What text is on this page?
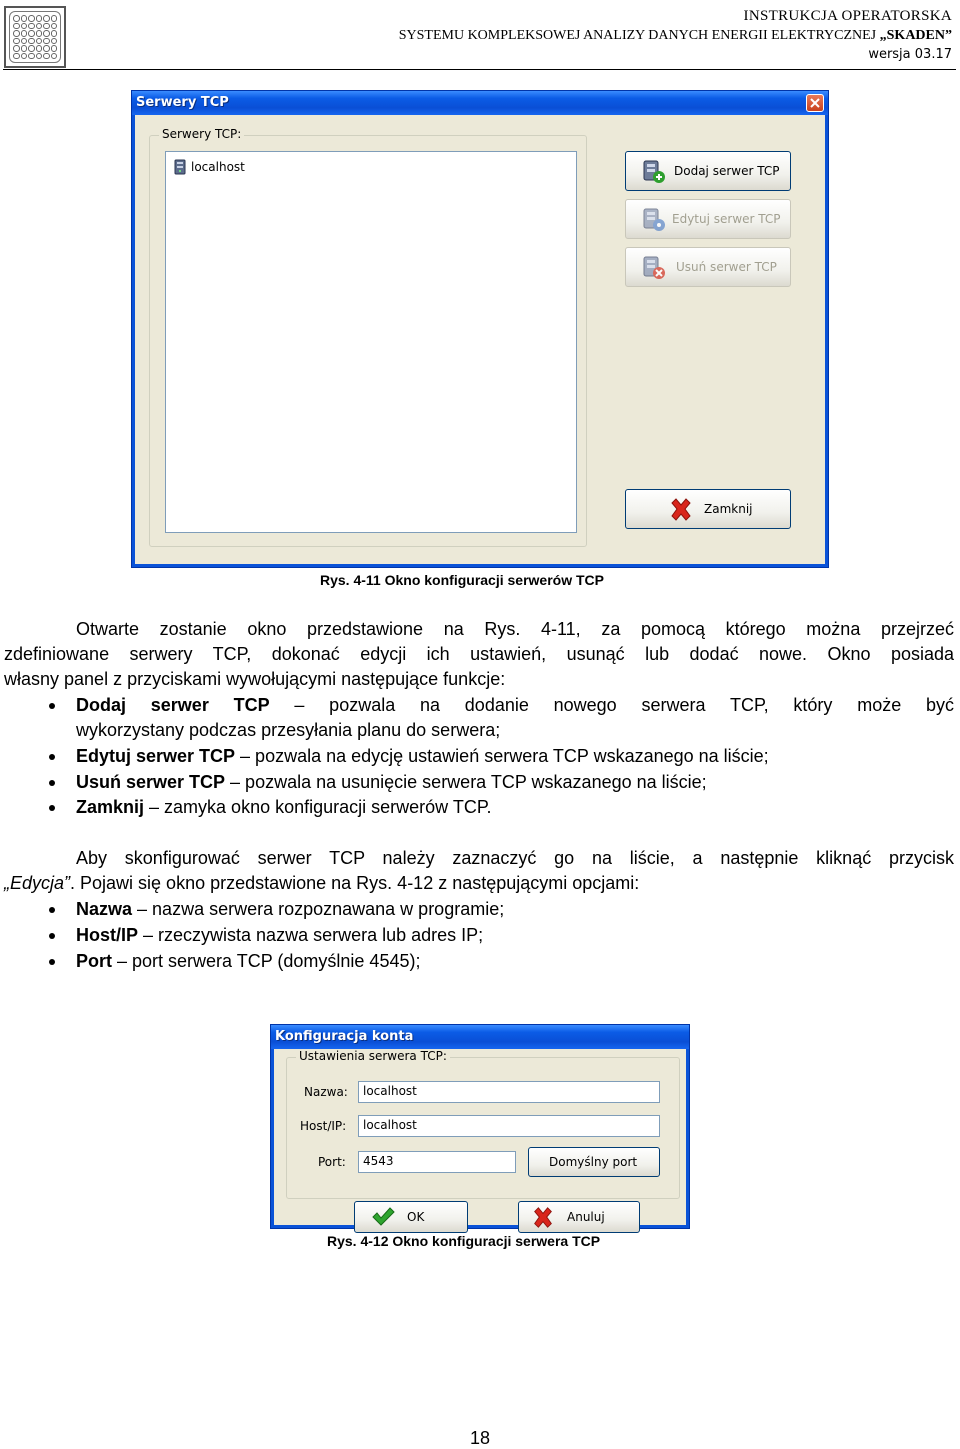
INSTRUKCJA OPERATORSKA
SYSTEMU KOMPLEKSOWEJ ANALIZY DANYCH ENERGII ELEKTRYCZNEJ „SKADEN”
wersja 03.17
Serwery TCP
Serwery TCP:
localhost	Dodaj serwer TCP
Edytuj serwer TCP
Usuń serwer TCP
Zamknij
Rys. 4-11 Okno konfiguracji serwerów TCP
Otwarte zostanie okno przedstawione na Rys. 4-11, za pomocą którego można przejrzeć
zdefiniowane serwery TCP, dokonać edycji ich ustawień, usunąć lub dodać nowe. Okno posiada
własny panel z przyciskami wywołującymi następujące funkcje:
Dodaj serwer TCP – pozwala na dodanie nowego serwera TCP, który może być
wykorzystany podczas przesyłania planu do serwera;
Edytuj serwer TCP – pozwala na edycję ustawień serwera TCP wskazanego na liście;
Usuń serwer TCP – pozwala na usunięcie serwera TCP wskazanego na liście;
Zamknij – zamyka okno konfiguracji serwerów TCP.
Aby skonfigurować serwer TCP należy zaznaczyć go na liście, a następnie kliknąć przycisk
„Edycja”. Pojawi się okno przedstawione na Rys. 4-12 z następującymi opcjami:
Nazwa – nazwa serwera rozpoznawana w programie;
Host/IP – rzeczywista nazwa serwera lub adres IP;
Port – port serwera TCP (domyślnie 4545);
Konfiguracja konta
Ustawienia serwera TCP:
Nazwa:	localhost
Host/IP:	localhost
Port:	4543	Domyślny port
OK	Anuluj
Rys. 4-12 Okno konfiguracji serwera TCP
18
